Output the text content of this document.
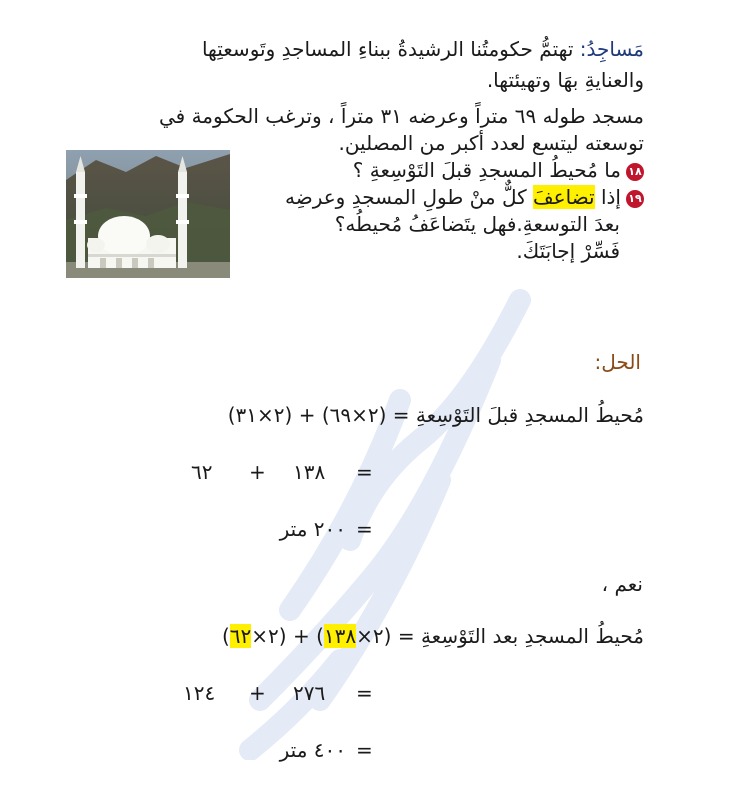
مَساجِدُ: تهتمُّ حكومتُنا الرشيدةُ ببناءِ المساجدِ وتَوسعتِها
والعنايةِ بهَا وتهيئتها.
مسجد طوله ٦٩ متراً وعرضه ٣١ متراً ، وترغب الحكومة في
توسعته ليتسع لعدد أكبر من المصلين.
١٨ما مُحيطُ المسجدِ قبلَ التَوْسِعةِ ؟
١٩إذا تضاعفَ كلٌّ منْ طولِ المسجدِ وعرضِه
بعدَ التوسعةِ.فهل يتَضاعَفُ مُحيطُه؟
فَسِّرْ إجابَتَكَ.
الحل:
مُحيطُ المسجدِ قبلَ التَوْسِعةِ = (٢×٦٩) + (٢×٣١)
=
١٣٨
+
٦٢
=
٢٠٠ متر
نعم ،
مُحيطُ المسجدِ بعد التَوْسِعةِ = (٢×١٣٨) + (٢×٦٢)
=
٢٧٦
+
١٢٤
=
٤٠٠ متر
